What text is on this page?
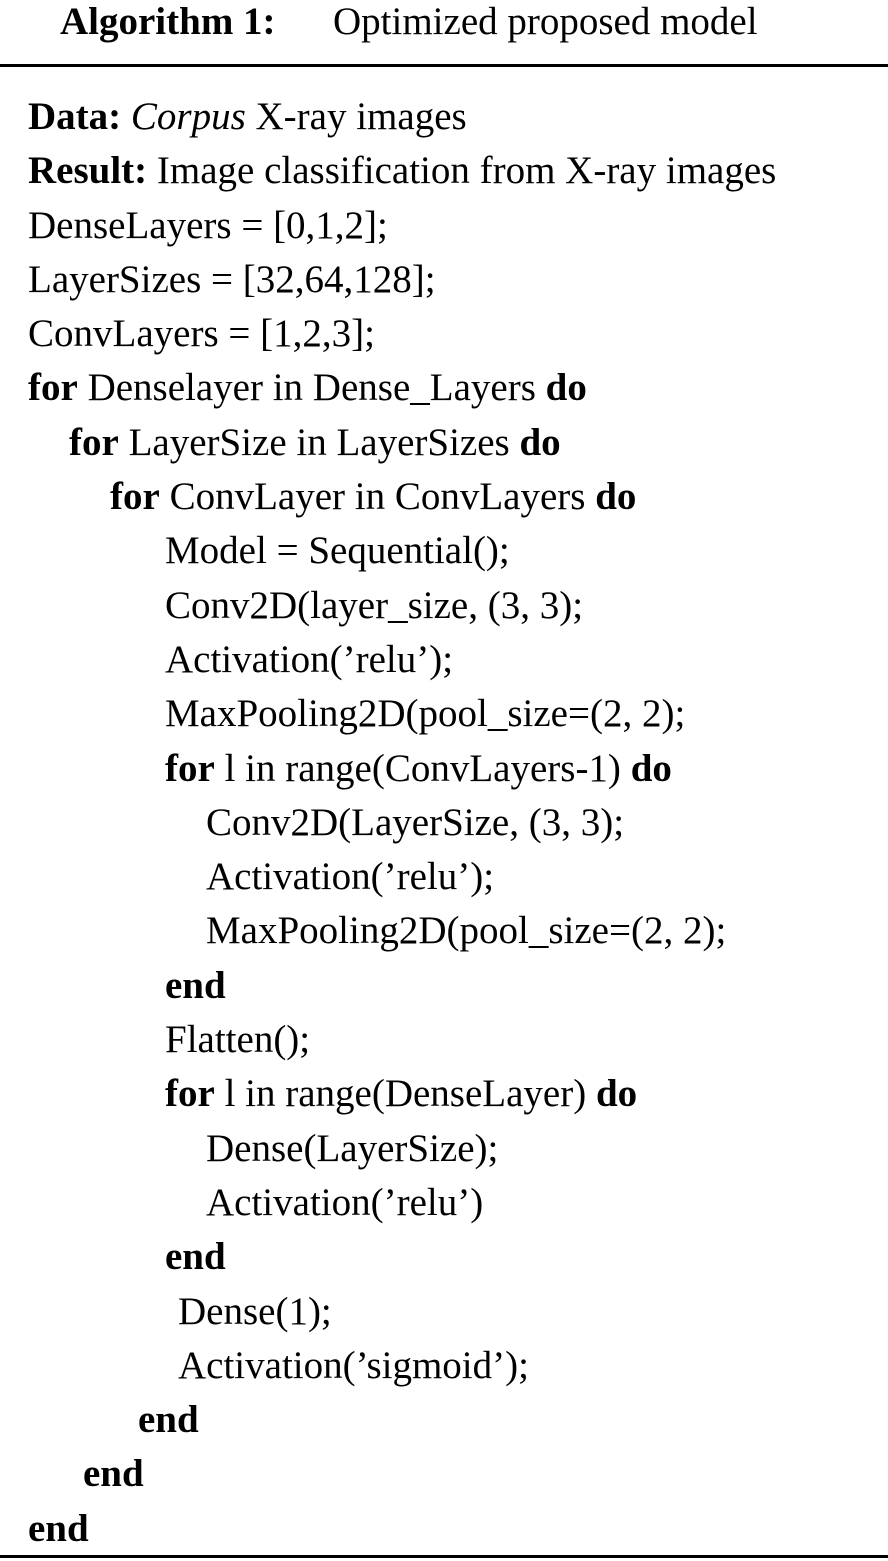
Algorithm 1: Optimized proposed model
Data: Corpus X-ray images
Result: Image classification from X-ray images
DenseLayers = [0,1,2];
LayerSizes = [32,64,128];
ConvLayers = [1,2,3];
for Denselayer in Dense_Layers do
for LayerSize in LayerSizes do
for ConvLayer in ConvLayers do
Model = Sequential();
Conv2D(layer_size, (3, 3);
Activation(’relu’);
MaxPooling2D(pool_size=(2, 2);
for l in range(ConvLayers-1) do
Conv2D(LayerSize, (3, 3);
Activation(’relu’);
MaxPooling2D(pool_size=(2, 2);
end
Flatten();
for l in range(DenseLayer) do
Dense(LayerSize);
Activation(’relu’)
end
Dense(1);
Activation(’sigmoid’);
end
end
end
